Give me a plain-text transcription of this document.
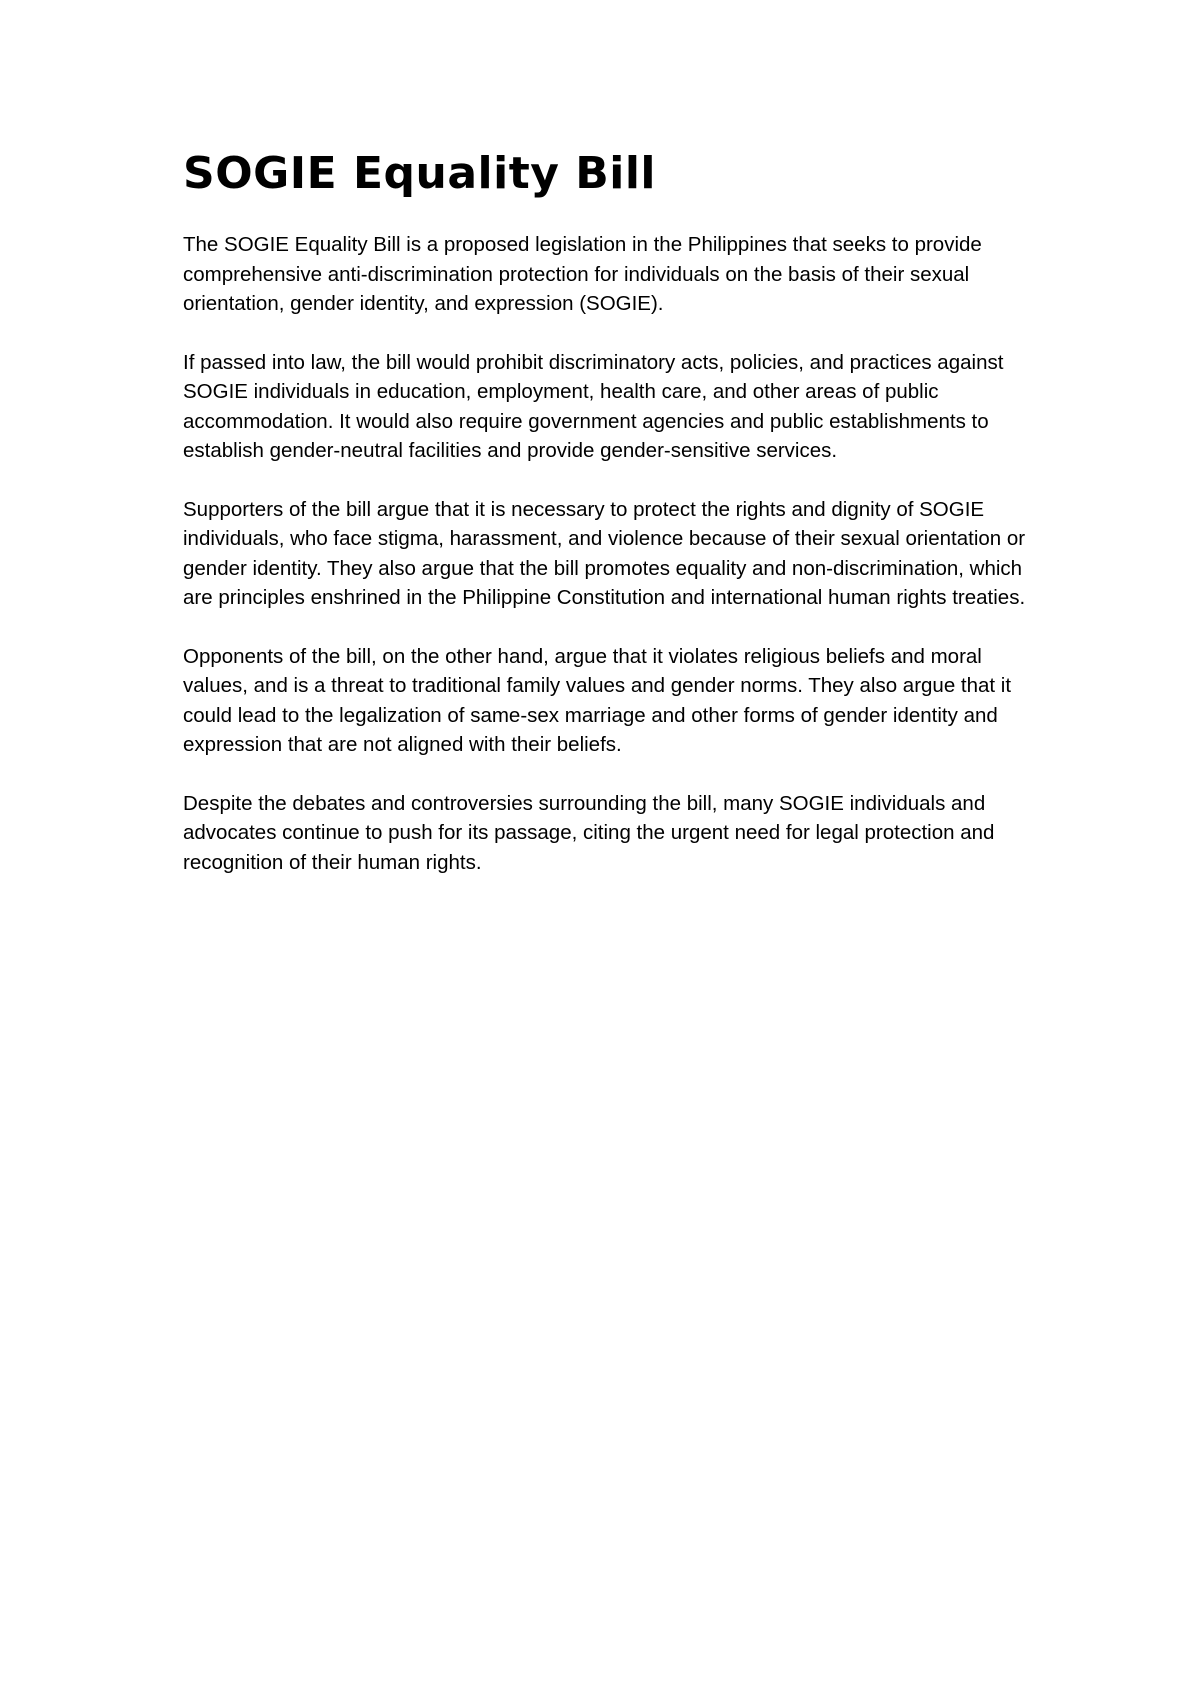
SOGIE Equality Bill

The SOGIE Equality Bill is a proposed legislation in the Philippines that seeks to provide comprehensive anti-discrimination protection for individuals on the basis of their sexual orientation, gender identity, and expression (SOGIE).

If passed into law, the bill would prohibit discriminatory acts, policies, and practices against SOGIE individuals in education, employment, health care, and other areas of public accommodation. It would also require government agencies and public establishments to establish gender-neutral facilities and provide gender-sensitive services.

Supporters of the bill argue that it is necessary to protect the rights and dignity of SOGIE individuals, who face stigma, harassment, and violence because of their sexual orientation or gender identity. They also argue that the bill promotes equality and non-discrimination, which are principles enshrined in the Philippine Constitution and international human rights treaties.

Opponents of the bill, on the other hand, argue that it violates religious beliefs and moral values, and is a threat to traditional family values and gender norms. They also argue that it could lead to the legalization of same-sex marriage and other forms of gender identity and expression that are not aligned with their beliefs.

Despite the debates and controversies surrounding the bill, many SOGIE individuals and advocates continue to push for its passage, citing the urgent need for legal protection and recognition of their human rights.
